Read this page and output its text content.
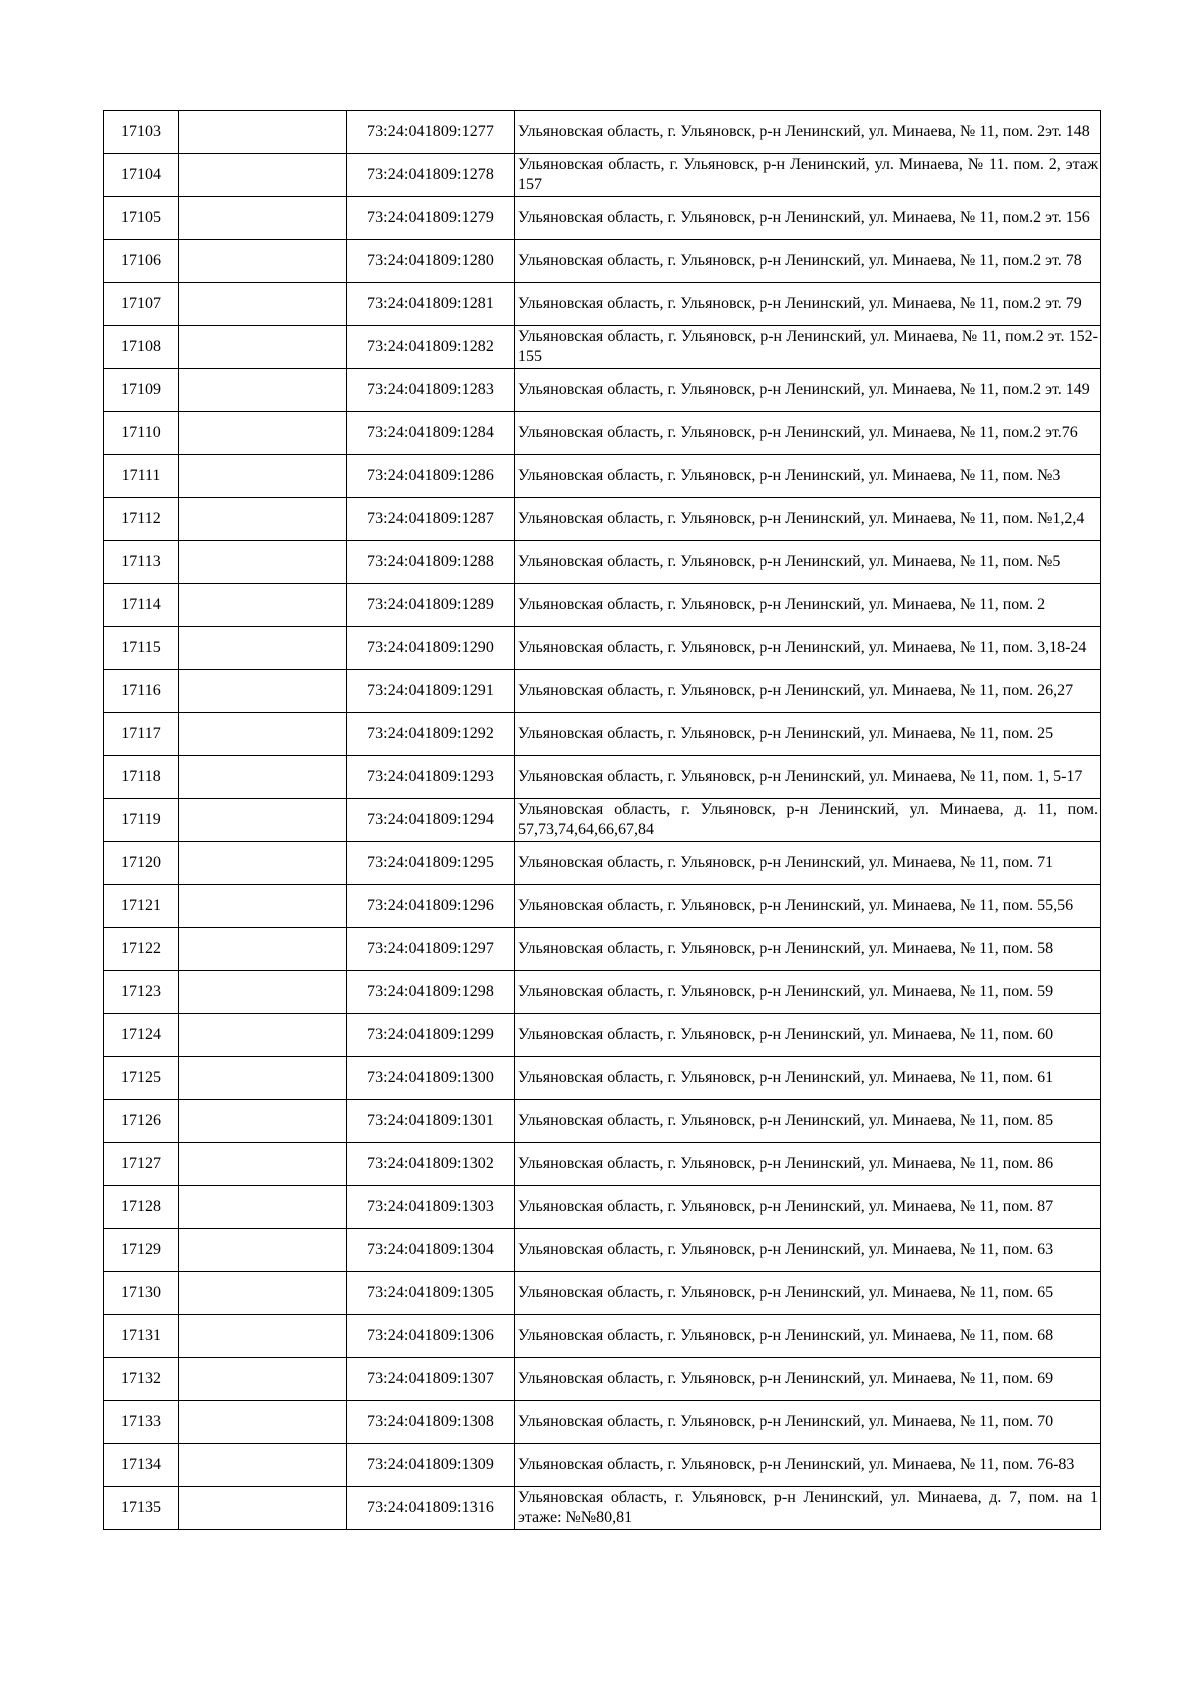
17103		73:24:041809:1277	Ульяновская область, г. Ульяновск, р-н Ленинский, ул. Минаева, № 11, пом. 2эт. 148
17104		73:24:041809:1278	Ульяновская область, г. Ульяновск, р-н Ленинский, ул. Минаева, № 11. пом. 2, этаж 157
17105		73:24:041809:1279	Ульяновская область, г. Ульяновск, р-н Ленинский, ул. Минаева, № 11, пом.2 эт. 156
17106		73:24:041809:1280	Ульяновская область, г. Ульяновск, р-н Ленинский, ул. Минаева, № 11, пом.2 эт. 78
17107		73:24:041809:1281	Ульяновская область, г. Ульяновск, р-н Ленинский, ул. Минаева, № 11, пом.2 эт. 79
17108		73:24:041809:1282	Ульяновская область, г. Ульяновск, р-н Ленинский, ул. Минаева, № 11, пом.2 эт. 152-155
17109		73:24:041809:1283	Ульяновская область, г. Ульяновск, р-н Ленинский, ул. Минаева, № 11, пом.2 эт. 149
17110		73:24:041809:1284	Ульяновская область, г. Ульяновск, р-н Ленинский, ул. Минаева, № 11, пом.2 эт.76
17111		73:24:041809:1286	Ульяновская область, г. Ульяновск, р-н Ленинский, ул. Минаева, № 11, пом. №3
17112		73:24:041809:1287	Ульяновская область, г. Ульяновск, р-н Ленинский, ул. Минаева, № 11, пом. №1,2,4
17113		73:24:041809:1288	Ульяновская область, г. Ульяновск, р-н Ленинский, ул. Минаева, № 11, пом. №5
17114		73:24:041809:1289	Ульяновская область, г. Ульяновск, р-н Ленинский, ул. Минаева, № 11, пом. 2
17115		73:24:041809:1290	Ульяновская область, г. Ульяновск, р-н Ленинский, ул. Минаева, № 11, пом. 3,18-24
17116		73:24:041809:1291	Ульяновская область, г. Ульяновск, р-н Ленинский, ул. Минаева, № 11, пом. 26,27
17117		73:24:041809:1292	Ульяновская область, г. Ульяновск, р-н Ленинский, ул. Минаева, № 11, пом. 25
17118		73:24:041809:1293	Ульяновская область, г. Ульяновск, р-н Ленинский, ул. Минаева, № 11, пом. 1, 5-17
17119		73:24:041809:1294	Ульяновская область, г. Ульяновск, р-н Ленинский, ул. Минаева, д. 11, пом. 57,73,74,64,66,67,84
17120		73:24:041809:1295	Ульяновская область, г. Ульяновск, р-н Ленинский, ул. Минаева, № 11, пом. 71
17121		73:24:041809:1296	Ульяновская область, г. Ульяновск, р-н Ленинский, ул. Минаева, № 11, пом. 55,56
17122		73:24:041809:1297	Ульяновская область, г. Ульяновск, р-н Ленинский, ул. Минаева, № 11, пом. 58
17123		73:24:041809:1298	Ульяновская область, г. Ульяновск, р-н Ленинский, ул. Минаева, № 11, пом. 59
17124		73:24:041809:1299	Ульяновская область, г. Ульяновск, р-н Ленинский, ул. Минаева, № 11, пом. 60
17125		73:24:041809:1300	Ульяновская область, г. Ульяновск, р-н Ленинский, ул. Минаева, № 11, пом. 61
17126		73:24:041809:1301	Ульяновская область, г. Ульяновск, р-н Ленинский, ул. Минаева, № 11, пом. 85
17127		73:24:041809:1302	Ульяновская область, г. Ульяновск, р-н Ленинский, ул. Минаева, № 11, пом. 86
17128		73:24:041809:1303	Ульяновская область, г. Ульяновск, р-н Ленинский, ул. Минаева, № 11, пом. 87
17129		73:24:041809:1304	Ульяновская область, г. Ульяновск, р-н Ленинский, ул. Минаева, № 11, пом. 63
17130		73:24:041809:1305	Ульяновская область, г. Ульяновск, р-н Ленинский, ул. Минаева, № 11, пом. 65
17131		73:24:041809:1306	Ульяновская область, г. Ульяновск, р-н Ленинский, ул. Минаева, № 11, пом. 68
17132		73:24:041809:1307	Ульяновская область, г. Ульяновск, р-н Ленинский, ул. Минаева, № 11, пом. 69
17133		73:24:041809:1308	Ульяновская область, г. Ульяновск, р-н Ленинский, ул. Минаева, № 11, пом. 70
17134		73:24:041809:1309	Ульяновская область, г. Ульяновск, р-н Ленинский, ул. Минаева, № 11, пом. 76-83
17135		73:24:041809:1316	Ульяновская область, г. Ульяновск, р-н Ленинский, ул. Минаева, д. 7, пом. на 1 этаже: №№80,81
